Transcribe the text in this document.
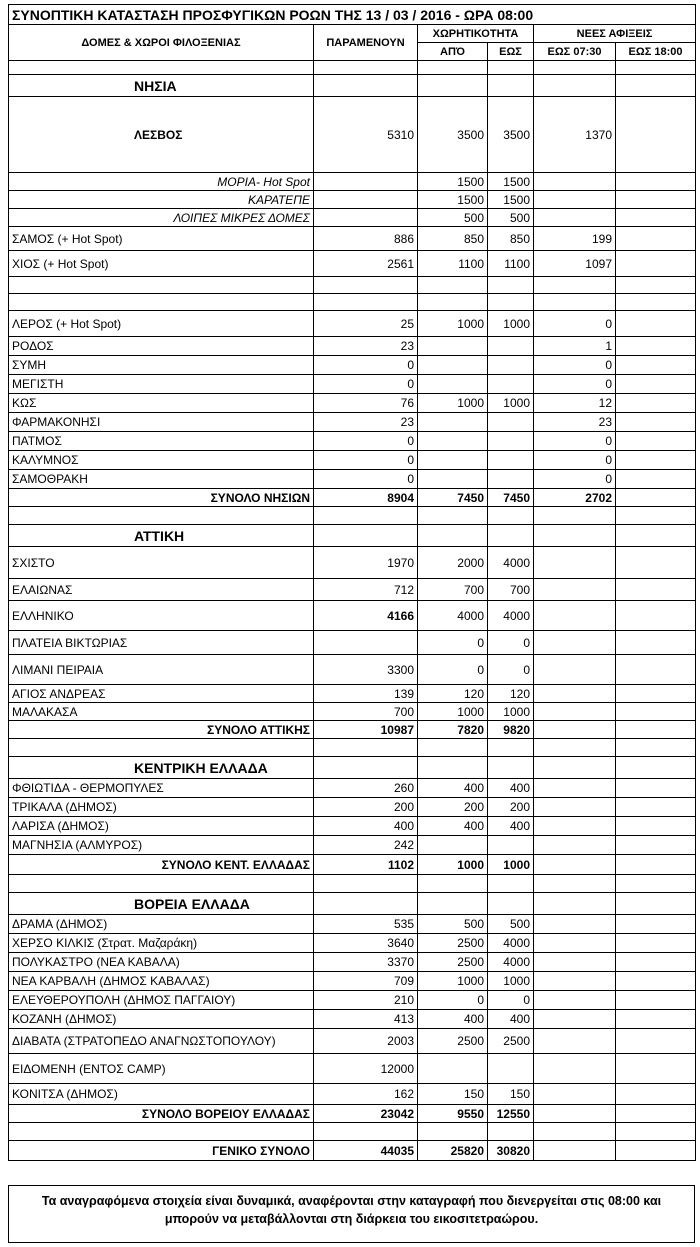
ΣΥΝΟΠΤΙΚΗ ΚΑΤΑΣΤΑΣΗ ΠΡΟΣΦΥΓΙΚΩΝ ΡΟΩΝ ΤΗΣ 13 / 03 / 2016 - ΩΡΑ 08:00					
ΔΟΜΕΣ & ΧΩΡΟΙ ΦΙΛΟΞΕΝΙΑΣ	ΠΑΡΑΜΕΝΟΥΝ	ΧΩΡΗΤΙΚΟΤΗΤΑ		ΝΕΕΣ ΑΦΙΞΕΙΣ	
		ΑΠΌ	ΕΩΣ	ΕΩΣ 07:30	ΕΩΣ 18:00

ΝΗΣΙΑ					
ΛΕΣΒΟΣ	5310	3500	3500	1370	
ΜΟΡΙΑ- Hot Spot		1500	1500		
ΚΑΡΑΤΕΠΕ		1500	1500		
ΛΟΙΠΕΣ ΜΙΚΡΕΣ ΔΟΜΕΣ		500	500		
ΣΑΜΟΣ (+ Hot Spot)	886	850	850	199	
ΧΙΟΣ (+ Hot Spot)	2561	1100	1100	1097	

ΛΕΡΟΣ (+ Hot Spot)	25	1000	1000	0	
ΡΟΔΟΣ	23			1	
ΣΥΜΗ	0			0	
ΜΕΓΙΣΤΗ	0			0	
ΚΩΣ	76	1000	1000	12	
ΦΑΡΜΑΚΟΝΗΣΙ	23			23	
ΠΑΤΜΟΣ	0			0	
ΚΑΛΥΜΝΟΣ	0			0	
ΣΑΜΟΘΡΑΚΗ	0			0	
ΣΥΝΟΛΟ ΝΗΣΙΩΝ	8904	7450	7450	2702	

ΑΤΤΙΚΗ					
ΣΧΙΣΤΟ	1970	2000	4000		
ΕΛΑΙΩΝΑΣ	712	700	700		
ΕΛΛΗΝΙΚΟ	4166	4000	4000		
ΠΛΑΤΕΙΑ ΒΙΚΤΩΡΙΑΣ		0	0		
ΛΙΜΑΝΙ ΠΕΙΡΑΙΑ	3300	0	0		
ΑΓΙΟΣ ΑΝΔΡΕΑΣ	139	120	120		
ΜΑΛΑΚΑΣΑ	700	1000	1000		
ΣΥΝΟΛΟ ΑΤΤΙΚΗΣ	10987	7820	9820		

ΚΕΝΤΡΙΚΗ ΕΛΛΑΔΑ					
ΦΘΙΩΤΙΔΑ - ΘΕΡΜΟΠΥΛΕΣ	260	400	400		
ΤΡΙΚΑΛΑ (ΔΗΜΟΣ)	200	200	200		
ΛΑΡΙΣΑ (ΔΗΜΟΣ)	400	400	400		
ΜΑΓΝΗΣΙΑ (ΑΛΜΥΡΟΣ)	242				
ΣΥΝΟΛΟ ΚΕΝΤ. ΕΛΛΑΔΑΣ	1102	1000	1000		

ΒΟΡΕΙΑ ΕΛΛΑΔΑ					
ΔΡΑΜΑ (ΔΗΜΟΣ)	535	500	500		
ΧΕΡΣΟ ΚΙΛΚΙΣ (Στρατ. Μαζαράκη)	3640	2500	4000		
ΠΟΛΥΚΑΣΤΡΟ (ΝΕΑ ΚΑΒΑΛΑ)	3370	2500	4000		
ΝΕΑ ΚΑΡΒΑΛΗ (ΔΗΜΟΣ ΚΑΒΑΛΑΣ)	709	1000	1000		
ΕΛΕΥΘΕΡΟΥΠΟΛΗ (ΔΗΜΟΣ ΠΑΓΓΑΙΟΥ)	210	0	0		
ΚΟΖΑΝΗ (ΔΗΜΟΣ)	413	400	400		
ΔΙΑΒΑΤΑ (ΣΤΡΑΤΟΠΕΔΟ ΑΝΑΓΝΩΣΤΟΠΟΥΛΟΥ)	2003	2500	2500		
ΕΙΔΟΜΕΝΗ (ΕΝΤΟΣ CAMP)	12000				
ΚΟΝΙΤΣΑ (ΔΗΜΟΣ)	162	150	150		
ΣΥΝΟΛΟ ΒΟΡΕΙΟΥ ΕΛΛΑΔΑΣ	23042	9550	12550		

ΓΕΝΙΚΟ ΣΥΝΟΛΟ	44035	25820	30820		
Τα αναγραφόμενα στοιχεία είναι δυναμικά, αναφέρονται στην καταγραφή που διενεργείται στις 08:00 και
μπορούν να μεταβάλλονται στη διάρκεια του εικοσιτετραώρου.
